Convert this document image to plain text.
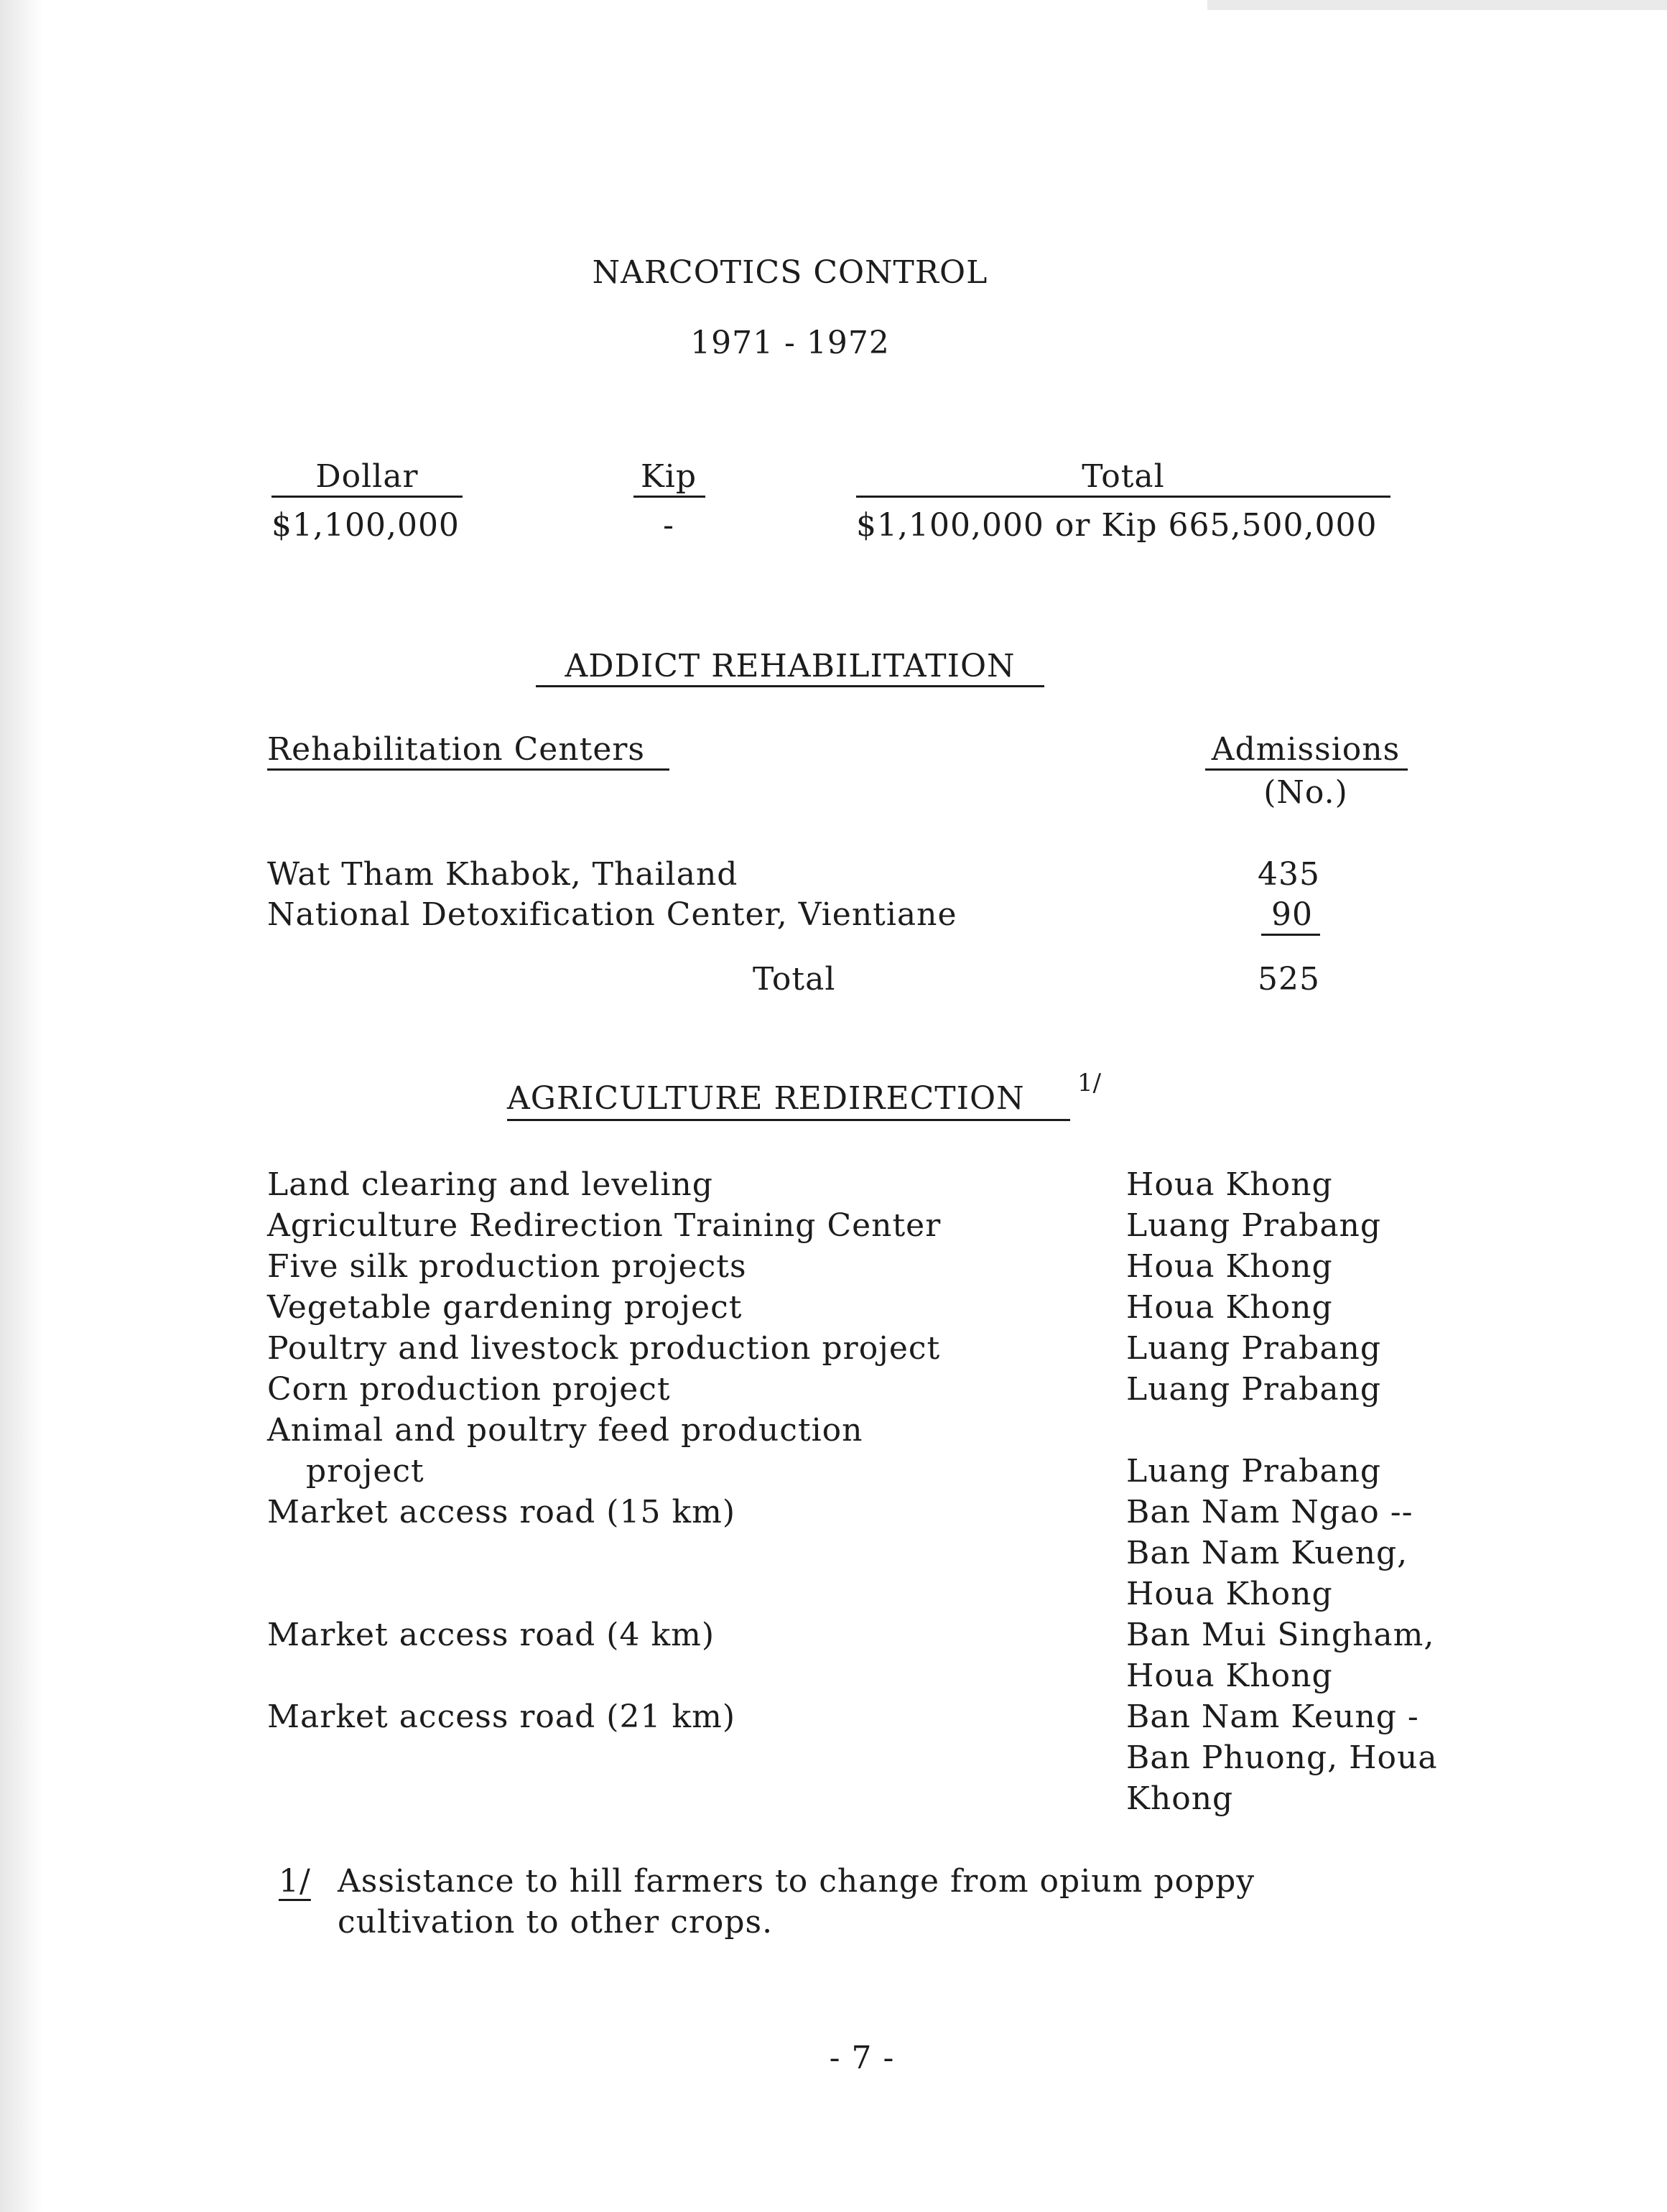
NARCOTICS CONTROL
1971 - 1972
Dollar	Kip	Total
$1,100,000	-	$1,100,000 or Kip 665,500,000
ADDICT REHABILITATION
Rehabilitation Centers	Admissions
(No.)
Wat Tham Khabok, Thailand	435
National Detoxification Center, Vientiane	90
Total	525
AGRICULTURE REDIRECTION 1/
Land clearing and leveling	Houa Khong
Agriculture Redirection Training Center	Luang Prabang
Five silk production projects	Houa Khong
Vegetable gardening project	Houa Khong
Poultry and livestock production project	Luang Prabang
Corn production project	Luang Prabang
Animal and poultry feed production
project	Luang Prabang
Market access road (15 km)	Ban Nam Ngao --
Ban Nam Kueng,
Houa Khong
Market access road (4 km)	Ban Mui Singham,
Houa Khong
Market access road (21 km)	Ban Nam Keung -
Ban Phuong, Houa
Khong
1/ Assistance to hill farmers to change from opium poppy
cultivation to other crops.
- 7 -
